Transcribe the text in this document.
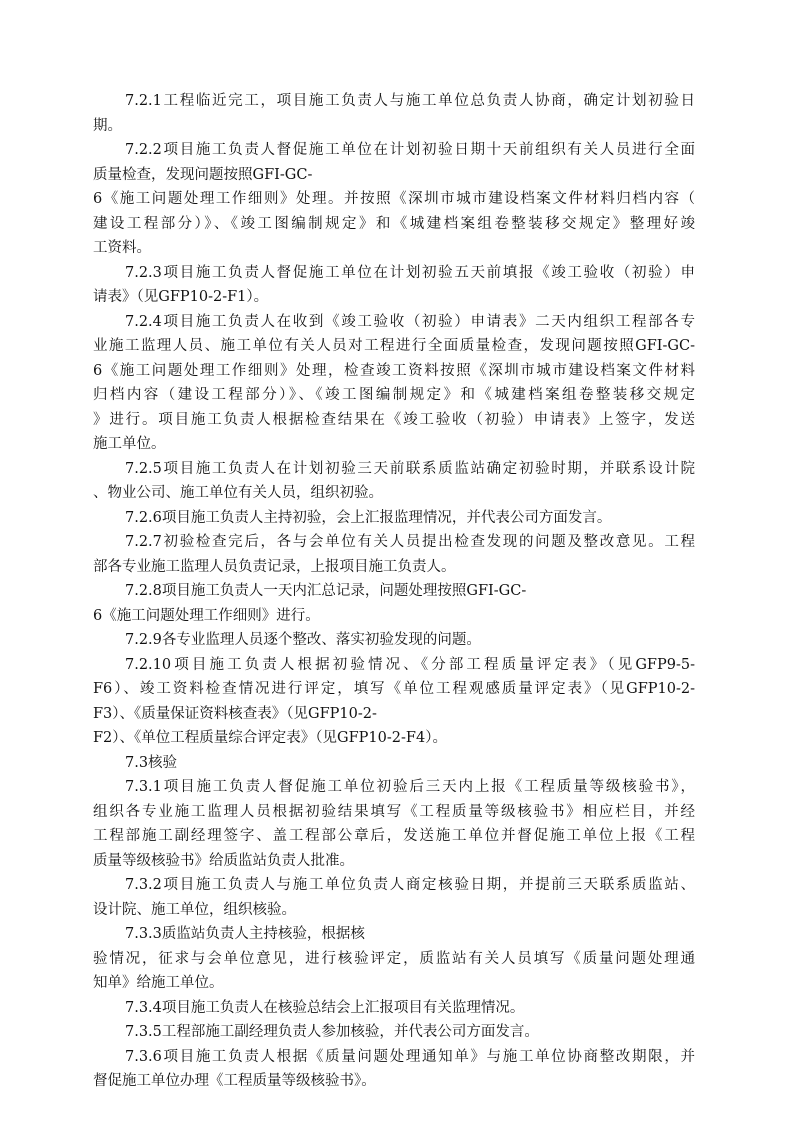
7.2.1工程临近完工，项目施工负责人与施工单位总负责人协商，确定计划初验日
期。
7.2.2项目施工负责人督促施工单位在计划初验日期十天前组织有关人员进行全面
质量检查，发现问题按照GFI-GC-
6《施工问题处理工作细则》处理。并按照《深圳市城市建设档案文件材料归档内容（
建设工程部分）》、《竣工图编制规定》和《城建档案组卷整装移交规定》整理好竣
工资料。
7.2.3项目施工负责人督促施工单位在计划初验五天前填报《竣工验收（初验）申
请表》（见GFP10-2-F1）。
7.2.4项目施工负责人在收到《竣工验收（初验）申请表》二天内组织工程部各专
业施工监理人员、施工单位有关人员对工程进行全面质量检查，发现问题按照GFI-GC-
6《施工问题处理工作细则》处理，检查竣工资料按照《深圳市城市建设档案文件材料
归档内容（建设工程部分）》、《竣工图编制规定》和《城建档案组卷整装移交规定
》进行。项目施工负责人根据检查结果在《竣工验收（初验）申请表》上签字，发送
施工单位。
7.2.5项目施工负责人在计划初验三天前联系质监站确定初验时期，并联系设计院
、物业公司、施工单位有关人员，组织初验。
7.2.6项目施工负责人主持初验，会上汇报监理情况，并代表公司方面发言。
7.2.7初验检查完后，各与会单位有关人员提出检查发现的问题及整改意见。工程
部各专业施工监理人员负责记录，上报项目施工负责人。
7.2.8项目施工负责人一天内汇总记录，问题处理按照GFI-GC-
6《施工问题处理工作细则》进行。
7.2.9各专业监理人员逐个整改、落实初验发现的问题。
7.2.10项目施工负责人根据初验情况、《分部工程质量评定表》（见GFP9-5-
F6）、竣工资料检查情况进行评定，填写《单位工程观感质量评定表》（见GFP10-2-
F3）、《质量保证资料核查表》（见GFP10-2-
F2）、《单位工程质量综合评定表》（见GFP10-2-F4）。
7.3核验
7.3.1项目施工负责人督促施工单位初验后三天内上报《工程质量等级核验书》，
组织各专业施工监理人员根据初验结果填写《工程质量等级核验书》相应栏目，并经
工程部施工副经理签字、盖工程部公章后，发送施工单位并督促施工单位上报《工程
质量等级核验书》给质监站负责人批准。
7.3.2项目施工负责人与施工单位负责人商定核验日期，并提前三天联系质监站、
设计院、施工单位，组织核验。
7.3.3质监站负责人主持核验，根据核
验情况，征求与会单位意见，进行核验评定，质监站有关人员填写《质量问题处理通
知单》给施工单位。
7.3.4项目施工负责人在核验总结会上汇报项目有关监理情况。
7.3.5工程部施工副经理负责人参加核验，并代表公司方面发言。
7.3.6项目施工负责人根据《质量问题处理通知单》与施工单位协商整改期限，并
督促施工单位办理《工程质量等级核验书》。
